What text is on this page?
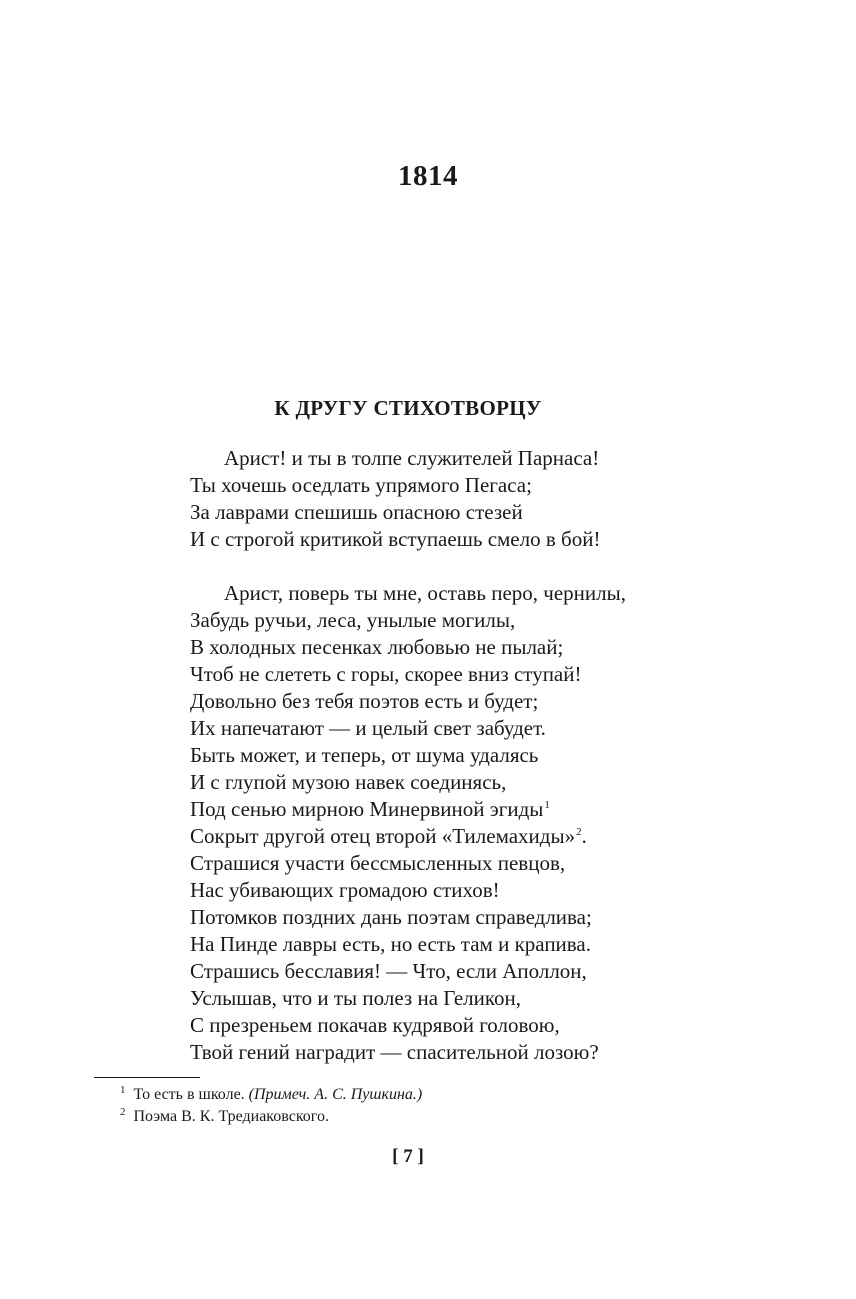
1814
К ДРУГУ СТИХОТВОРЦУ
Арист! и ты в толпе служителей Парнаса!
Ты хочешь оседлать упрямого Пегаса;
За лаврами спешишь опасною стезей
И с строгой критикой вступаешь смело в бой!
Арист, поверь ты мне, оставь перо, чернилы,
Забудь ручьи, леса, унылые могилы,
В холодных песенках любовью не пылай;
Чтоб не слететь с горы, скорее вниз ступай!
Довольно без тебя поэтов есть и будет;
Их напечатают — и целый свет забудет.
Быть может, и теперь, от шума удалясь
И с глупой музою навек соединясь,
Под сенью мирною Минервиной эгиды$^1$
Сокрыт другой отец второй «Тилемахиды»$^2$.
Страшися участи бессмысленных певцов,
Нас убивающих громадою стихов!
Потомков поздних дань поэтам справедлива;
На Пинде лавры есть, но есть там и крапива.
Страшись бесславия! — Что, если Аполлон,
Услышав, что и ты полез на Геликон,
С презреньем покачав кудрявой головою,
Твой гений наградит — спасительной лозою?
$^1$ То есть в школе. (Примеч. А. С. Пушкина.)
$^2$ Поэма В. К. Тредиаковского.
[ 7 ]
